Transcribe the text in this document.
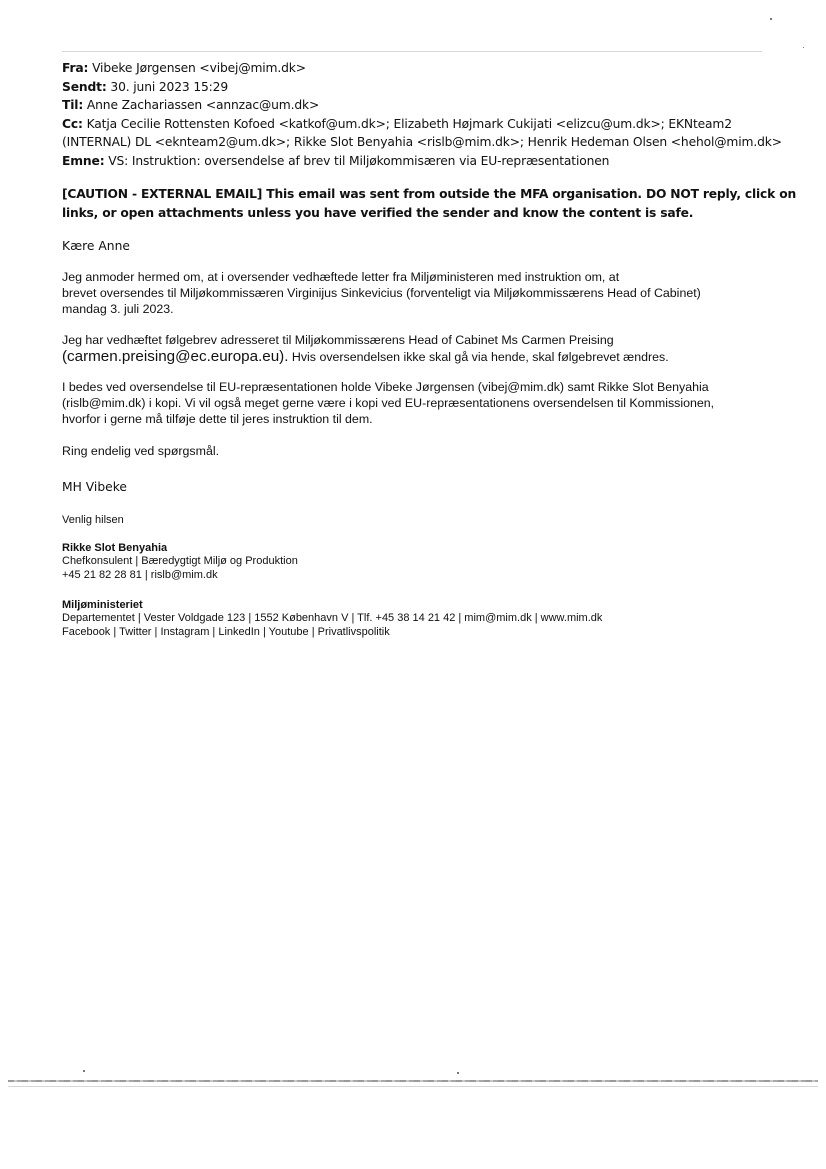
Fra: Vibeke Jørgensen <vibej@mim.dk>
Sendt: 30. juni 2023 15:29
Til: Anne Zachariassen <annzac@um.dk>
Cc: Katja Cecilie Rottensten Kofoed <katkof@um.dk>; Elizabeth Højmark Cukijati <elizcu@um.dk>; EKNteam2
(INTERNAL) DL <eknteam2@um.dk>; Rikke Slot Benyahia <rislb@mim.dk>; Henrik Hedeman Olsen <hehol@mim.dk>
Emne: VS: Instruktion: oversendelse af brev til Miljøkommisæren via EU-repræsentationen
[CAUTION - EXTERNAL EMAIL] This email was sent from outside the MFA organisation. DO NOT reply, click on
links, or open attachments unless you have verified the sender and know the content is safe.
Kære Anne
Jeg anmoder hermed om, at i oversender vedhæftede letter fra Miljøministeren med instruktion om, at
brevet oversendes til Miljøkommissæren Virginijus Sinkevicius (forventeligt via Miljøkommissærens Head of Cabinet)
mandag 3. juli 2023.
Jeg har vedhæftet følgebrev adresseret til Miljøkommissærens Head of Cabinet Ms Carmen Preising
(carmen.preising@ec.europa.eu). Hvis oversendelsen ikke skal gå via hende, skal følgebrevet ændres.
I bedes ved oversendelse til EU-repræsentationen holde Vibeke Jørgensen (vibej@mim.dk) samt Rikke Slot Benyahia
(rislb@mim.dk) i kopi. Vi vil også meget gerne være i kopi ved EU-repræsentationens oversendelsen til Kommissionen,
hvorfor i gerne må tilføje dette til jeres instruktion til dem.
Ring endelig ved spørgsmål.
MH Vibeke
Venlig hilsen
Rikke Slot Benyahia
Chefkonsulent | Bæredygtigt Miljø og Produktion
+45 21 82 28 81 | rislb@mim.dk
Miljøministeriet
Departementet | Vester Voldgade 123 | 1552 København V | Tlf. +45 38 14 21 42 | mim@mim.dk | www.mim.dk
Facebook | Twitter | Instagram | LinkedIn | Youtube | Privatlivspolitik
